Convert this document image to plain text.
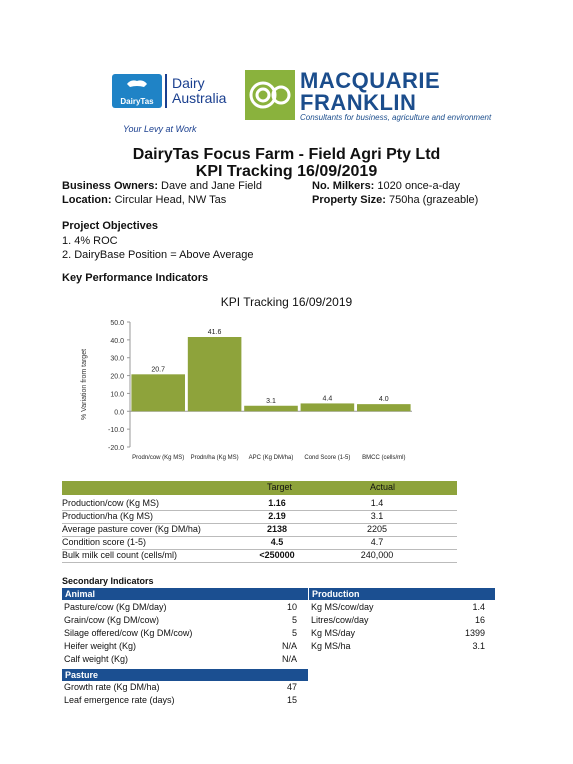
DairyTas
Dairy
Australia
Your Levy at Work
MACQUARIE
FRANKLIN
Consultants for business, agriculture and environment
DairyTas Focus Farm - Field Agri Pty Ltd
KPI Tracking 16/09/2019
Business Owners: Dave and Jane Field
Location: Circular Head, NW Tas
No. Milkers: 1020 once-a-day
Property Size: 750ha (grazeable)
Project Objectives
1. 4% ROC
2. DairyBase Position = Above Average
Key Performance Indicators
KPI Tracking 16/09/2019
50.0
40.0
30.0
20.0
10.0
0.0
-10.0
-20.0
% Variation from target	20.7
Prodn/cow (Kg MS)
41.6
Prodn/ha (Kg MS)
3.1
APC (Kg DM/ha)
4.4
Cond Score (1-5)
4.0
BMCC (cells/ml)
Target	Actual
Production/cow (Kg MS)	1.16	1.4
Production/ha (Kg MS)	2.19	3.1
Average pasture cover (Kg DM/ha)	2138	2205
Condition score (1-5)	4.5	4.7
Bulk milk cell count (cells/ml)	<250000	240,000
Secondary Indicators
Animal	Production
Pasture
Pasture/cow (Kg DM/day)	10
Grain/cow (Kg DM/cow)	5
Silage offered/cow (Kg DM/cow)	5
Heifer weight (Kg)	N/A
Calf weight (Kg)	N/A
Kg MS/cow/day	1.4
Litres/cow/day	16
Kg MS/day	1399
Kg MS/ha	3.1
Growth rate (Kg DM/ha)	47
Leaf emergence rate (days)	15
